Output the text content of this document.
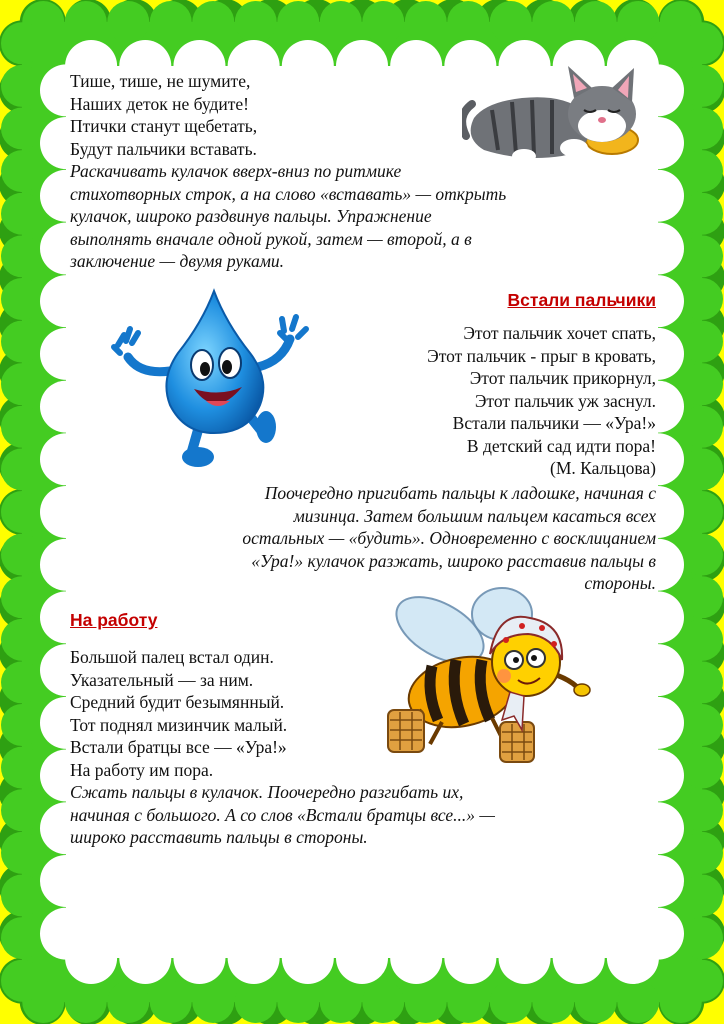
Тише, тише, не шумите,
Наших деток не будите!
Птички станут щебетать,
Будут пальчики вставать.
Раскачивать кулачок вверх-вниз по ритмике
стихотворных строк, а на слово «вставать» — открыть
кулачок, широко раздвинув пальцы. Упражнение
выполнять вначале одной рукой, затем — второй, а в
заключение — двумя руками.
Встали пальчики
Этот пальчик хочет спать,
Этот пальчик - прыг в кровать,
Этот пальчик прикорнул,
Этот пальчик уж заснул.
Встали пальчики — «Ура!»
В детский сад идти пора!
(М. Кальцова)
Поочередно пригибать пальцы к ладошке, начиная с
мизинца. Затем большим пальцем касаться всех
остальных — «будить». Одновременно с восклицанием
«Ура!» кулачок разжать, широко расставив пальцы в
стороны.
На работу
Большой палец встал один.
Указательный — за ним.
Средний будит безымянный.
Тот поднял мизинчик малый.
Встали братцы все — «Ура!»
На работу им пора.
Сжать пальцы в кулачок. Поочередно разгибать их,
начиная с большого. А со слов «Встали братцы все...» —
широко расставить пальцы в стороны.
